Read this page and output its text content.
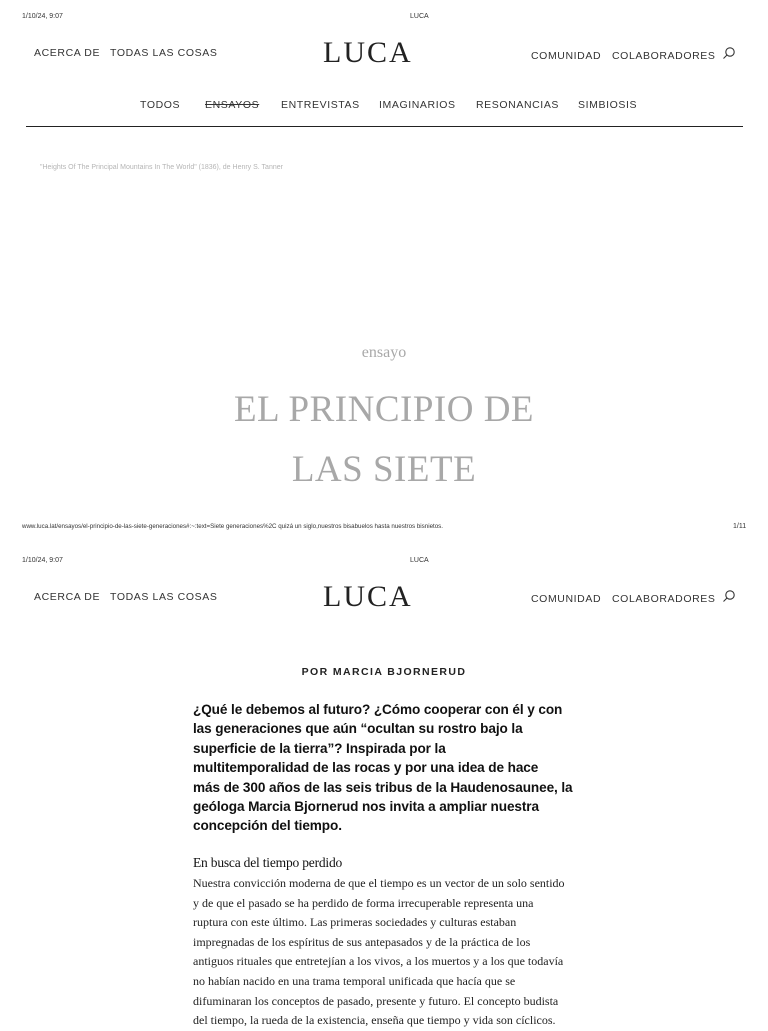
1/10/24, 9:07	LUCA
ACERCA DE TODAS LAS COSAS	LUCA	COMUNIDAD COLABORADORES
TODOS ENSAYOS ENTREVISTAS IMAGINARIOS RESONANCIAS SIMBIOSIS
"Heights Of The Principal Mountains In The World" (1836), de Henry S. Tanner
ensayo
EL PRINCIPIO DE
LAS SIETE
www.luca.lat/ensayos/el-principio-de-las-siete-generaciones#:~:text=Siete generaciones%2C quizá un siglo,nuestros bisabuelos hasta nuestros bisnietos.	1/11
1/10/24, 9:07	LUCA
ACERCA DE TODAS LAS COSAS	LUCA	COMUNIDAD COLABORADORES
POR MARCIA BJORNERUD
¿Qué le debemos al futuro? ¿Cómo cooperar con él y con
las generaciones que aún “ocultan su rostro bajo la
superficie de la tierra”? Inspirada por la
multitemporalidad de las rocas y por una idea de hace
más de 300 años de las seis tribus de la Haudenosaunee, la
geóloga Marcia Bjornerud nos invita a ampliar nuestra
concepción del tiempo.
En busca del tiempo perdido
Nuestra convicción moderna de que el tiempo es un vector de un solo sentido
y de que el pasado se ha perdido de forma irrecuperable representa una
ruptura con este último. Las primeras sociedades y culturas estaban
impregnadas de los espíritus de sus antepasados y de la práctica de los
antiguos rituales que entretejían a los vivos, a los muertos y a los que todavía
no habían nacido en una trama temporal unificada que hacía que se
difuminaran los conceptos de pasado, presente y futuro. El concepto budista
del tiempo, la rueda de la existencia, enseña que tiempo y vida son cíclicos.
